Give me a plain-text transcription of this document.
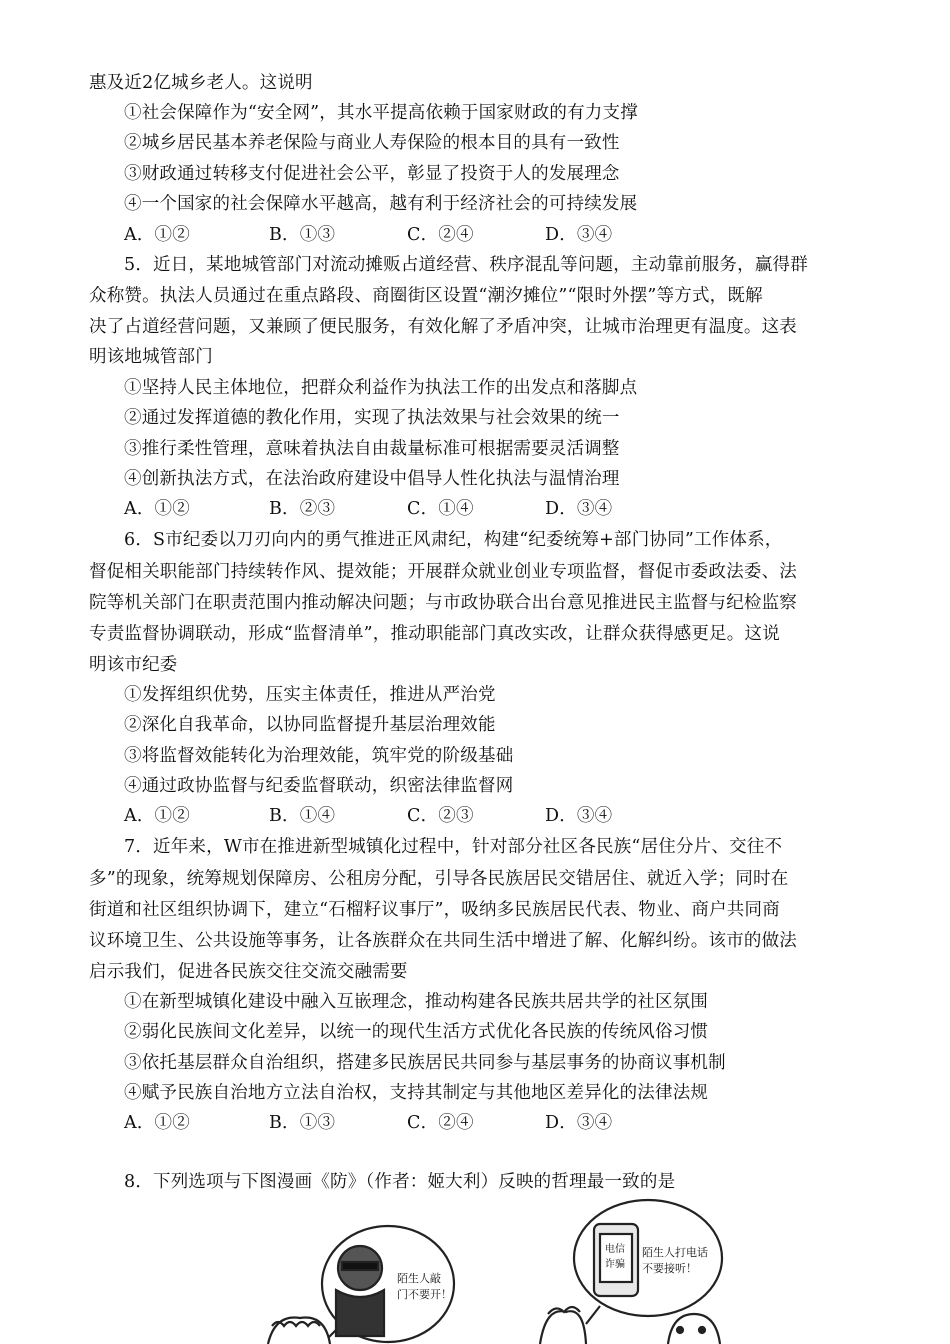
惠及近2亿城乡老人。这说明
①社会保障作为“安全网”，其水平提高依赖于国家财政的有力支撑
②城乡居民基本养老保险与商业人寿保险的根本目的具有一致性
③财政通过转移支付促进社会公平，彰显了投资于人的发展理念
④一个国家的社会保障水平越高，越有利于经济社会的可持续发展
A．①②	B．①③	C．②④	D．③④
5．近日，某地城管部门对流动摊贩占道经营、秩序混乱等问题，主动靠前服务，赢得群
众称赞。执法人员通过在重点路段、商圈街区设置“潮汐摊位”“限时外摆”等方式，既解
决了占道经营问题，又兼顾了便民服务，有效化解了矛盾冲突，让城市治理更有温度。这表
明该地城管部门
①坚持人民主体地位，把群众利益作为执法工作的出发点和落脚点
②通过发挥道德的教化作用，实现了执法效果与社会效果的统一
③推行柔性管理，意味着执法自由裁量标准可根据需要灵活调整
④创新执法方式，在法治政府建设中倡导人性化执法与温情治理
A．①②	B．②③	C．①④	D．③④
6．S市纪委以刀刃向内的勇气推进正风肃纪，构建“纪委统筹+部门协同”工作体系，
督促相关职能部门持续转作风、提效能；开展群众就业创业专项监督，督促市委政法委、法
院等机关部门在职责范围内推动解决问题；与市政协联合出台意见推进民主监督与纪检监察
专责监督协调联动，形成“监督清单”，推动职能部门真改实改，让群众获得感更足。这说
明该市纪委
①发挥组织优势，压实主体责任，推进从严治党
②深化自我革命，以协同监督提升基层治理效能
③将监督效能转化为治理效能，筑牢党的阶级基础
④通过政协监督与纪委监督联动，织密法律监督网
A．①②	B．①④	C．②③	D．③④
7．近年来，W市在推进新型城镇化过程中，针对部分社区各民族“居住分片、交往不
多”的现象，统筹规划保障房、公租房分配，引导各民族居民交错居住、就近入学；同时在
街道和社区组织协调下，建立“石榴籽议事厅”，吸纳多民族居民代表、物业、商户共同商
议环境卫生、公共设施等事务，让各族群众在共同生活中增进了解、化解纠纷。该市的做法
启示我们，促进各民族交往交流交融需要
①在新型城镇化建设中融入互嵌理念，推动构建各民族共居共学的社区氛围
②弱化民族间文化差异，以统一的现代生活方式优化各民族的传统风俗习惯
③依托基层群众自治组织，搭建多民族居民共同参与基层事务的协商议事机制
④赋予民族自治地方立法自治权，支持其制定与其他地区差异化的法律法规
A．①②	B．①③	C．②④	D．③④
8．下列选项与下图漫画《防》（作者：姬大利）反映的哲理最一致的是
陌生人敲
门不要开！
电信
诈骗
陌生人打电话
不要接听！
